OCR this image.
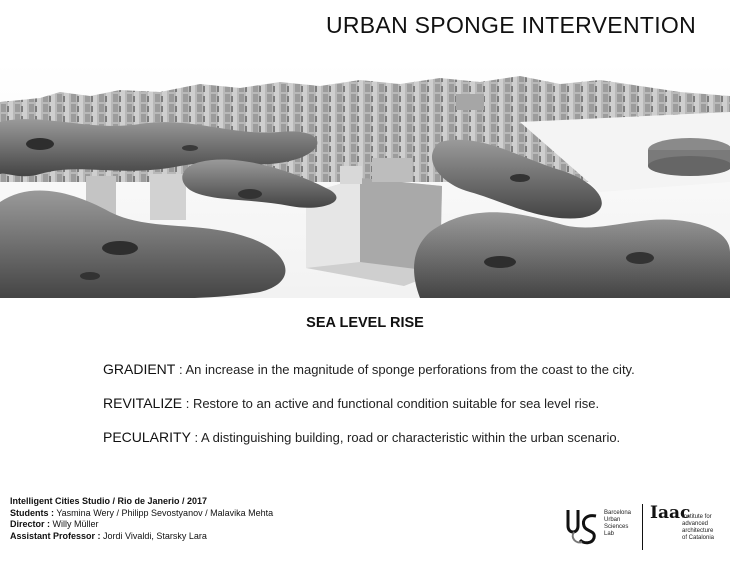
URBAN SPONGE INTERVENTION
SEA LEVEL RISE
GRADIENT : An increase in the magnitude of sponge perforations from the coast to the city.
REVITALIZE : Restore to an active and functional condition suitable for sea level rise.
PECULARITY : A distinguishing building, road or characteristic within the urban scenario.
Intelligent Cities Studio / Rio de Janerio / 2017
Students : Yasmina Wery / Philipp Sevostyanov / Malavika Mehta
Director : Willy Müller
Assistant Professor : Jordi Vivaldi, Starsky Lara
Barcelona
Urban
Sciences
Lab
Iaac
Institute for
advanced
architecture
of Catalonia
